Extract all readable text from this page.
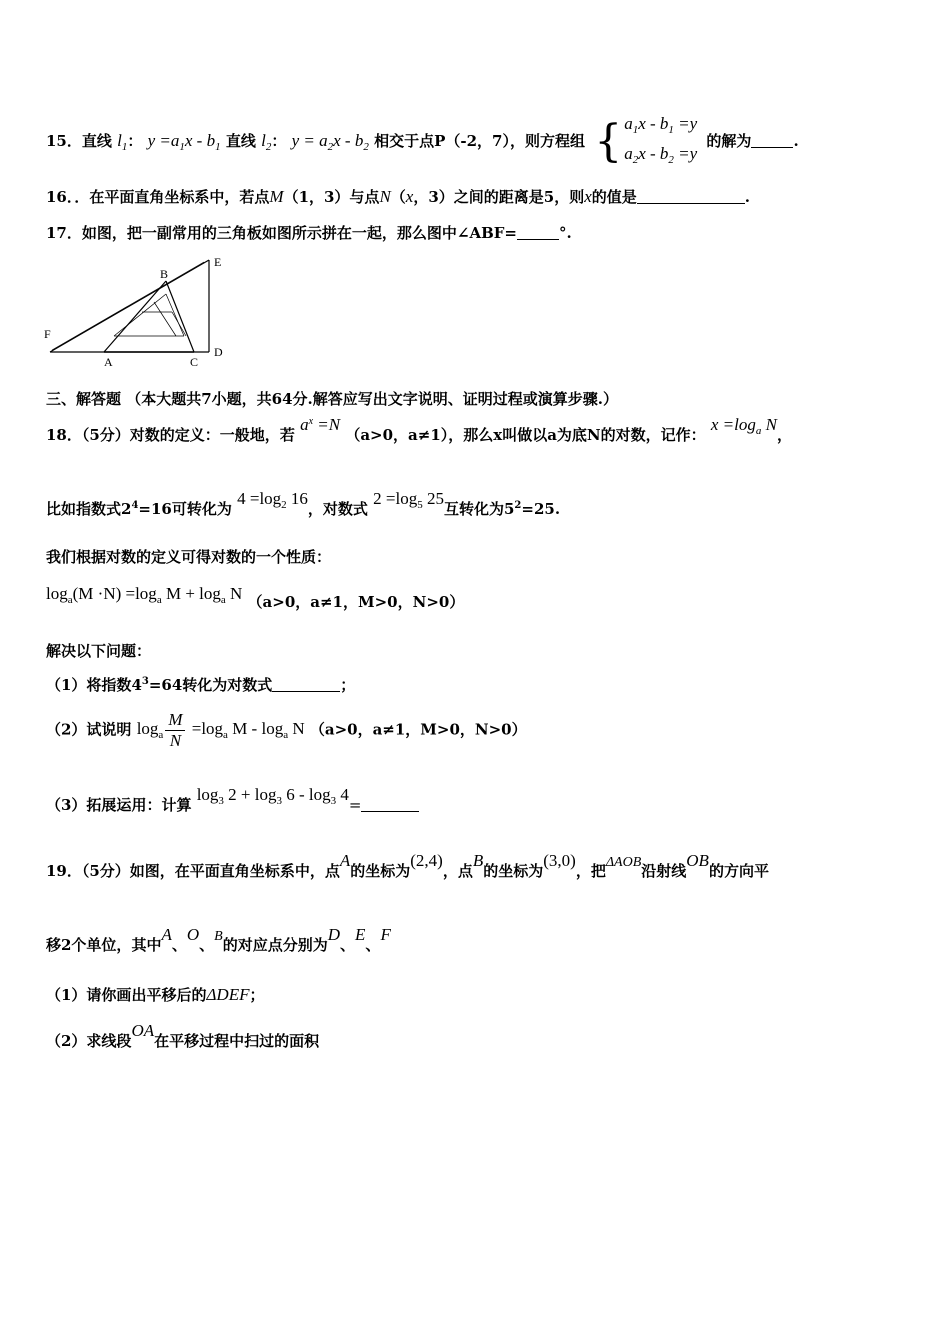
15．直线 $l_1$： $y =a_1x - b_1$ 直线 $l_2$： $y = a_2x - b_2$ 相交于点P（-2，7），则方程组 { $a_1x - b_1 =y$
$a_2x - b_2 =y$
的解为	.
16．．在平面直角坐标系中，若点M（1，3）与点N（x，3）之间的距离是5，则x的值是	.
17．如图，把一副常用的三角板如图所示拼在一起，那么图中∠ABF=	°.
B
E
F
A	C
D
三、解答题 （本大题共7小题，共64分.解答应写出文字说明、证明过程或演算步骤.）
18．（5分）对数的定义：一般地，若 $a^x =N$ （a>0，a≠1），那么x叫做以a为底N的对数，记作： $x =\log_a$ N，
比如指数式$2^4=16$可转化为 $4 =\log_2$ 16，对数式 $2 =\log_5$ 25互转化为$5^2=25$.
我们根据对数的定义可得对数的一个性质：
$\log_a(M \cdot N) =\log_a$ $M + \log_a N$ （a>0，a≠1，M>0，N>0）
解决以下问题：
（1）将指数$4^3=64$转化为对数式	；
（2）试说明 $\log_a \frac{M}{N} =\log_a$ M - $\log_a N$ （a>0，a≠1，M>0，N>0）
（3）拓展运用：计算 $\log_3 2 + \log_3 6 - \log_3 4=$
19．（5分）如图，在平面直角坐标系中，点A的坐标为(2,4)，点B的坐标为(3,0)，把ΔAOB沿射线OB的方向平
移2个单位，其中A、O、B的对应点分别为D、E、F
（1）请你画出平移后的ΔDEF；
（2）求线段OA在平移过程中扫过的面积
